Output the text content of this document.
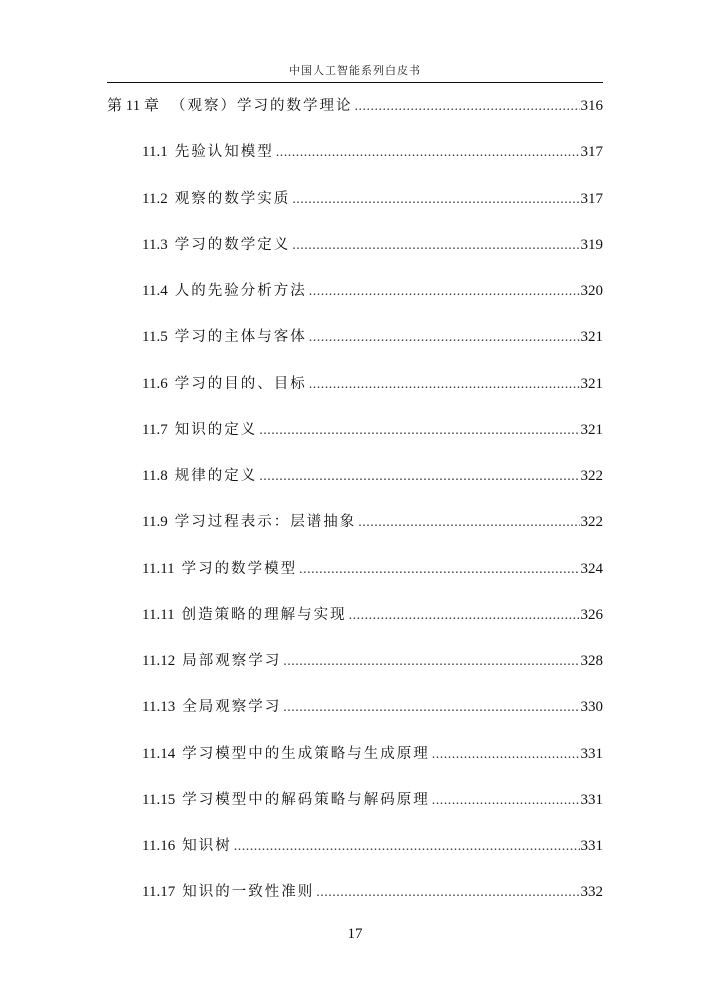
中国人工智能系列白皮书
第 11 章 （观察）学习的数学理论 .....	316
11.1 先验认知模型 .....	317
11.2 观察的数学实质 .....	317
11.3 学习的数学定义 .....	319
11.4 人的先验分析方法 .....	320
11.5 学习的主体与客体 .....	321
11.6 学习的目的、目标 .....	321
11.7 知识的定义 .....	321
11.8 规律的定义 .....	322
11.9 学习过程表示：层谱抽象 .....	322
11.11 学习的数学模型 .....	324
11.11 创造策略的理解与实现 .....	326
11.12 局部观察学习 .....	328
11.13 全局观察学习 .....	330
11.14 学习模型中的生成策略与生成原理 .....	331
11.15 学习模型中的解码策略与解码原理 .....	331
11.16 知识树 .....	331
11.17 知识的一致性准则 .....	332
17
